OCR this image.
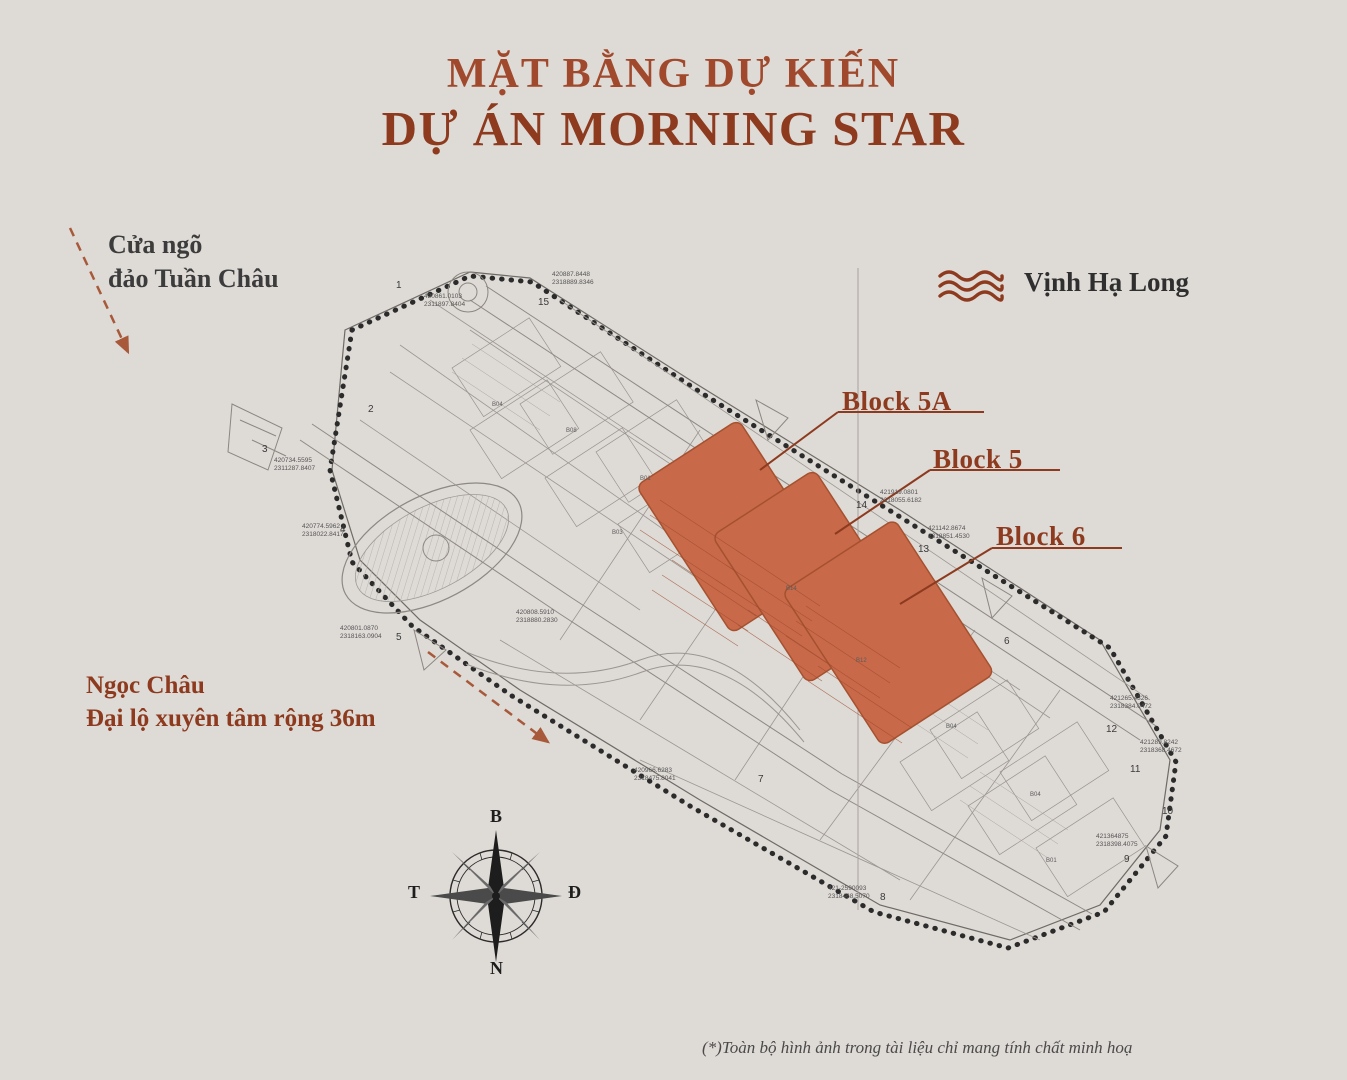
MẶT BẰNG DỰ KIẾN
DỰ ÁN MORNING STAR
15
14
13
12
11
10
9
8
7
6
5
4
3
2
1
420887.8448
2318889.8346
420861.0103
2311897.8404
420734.5595
2311287.8407
420774.5962
2318022.8417
420801.0870
2318163.0904
420808.5910
2318880.2830
421919.0801
2318055.6182
421142.8674
2318851.4530
421265.4326
2318384.0472
421289.8242
2318368.4672
421364875
2318398.4075
421-2590093
2318468.5070
420966.6283
2318475.8041
B04
B08
B01
B03
B14
B12
B04
B04
B01
Cửa ngõ
đảo Tuần Châu	Vịnh Hạ Long
Ngọc Châu
Đại lộ xuyên tâm rộng 36m
Block 5A
Block 5
Block 6
B
N
T	Đ
(*)Toàn bộ hình ảnh trong tài liệu chỉ mang tính chất minh hoạ
